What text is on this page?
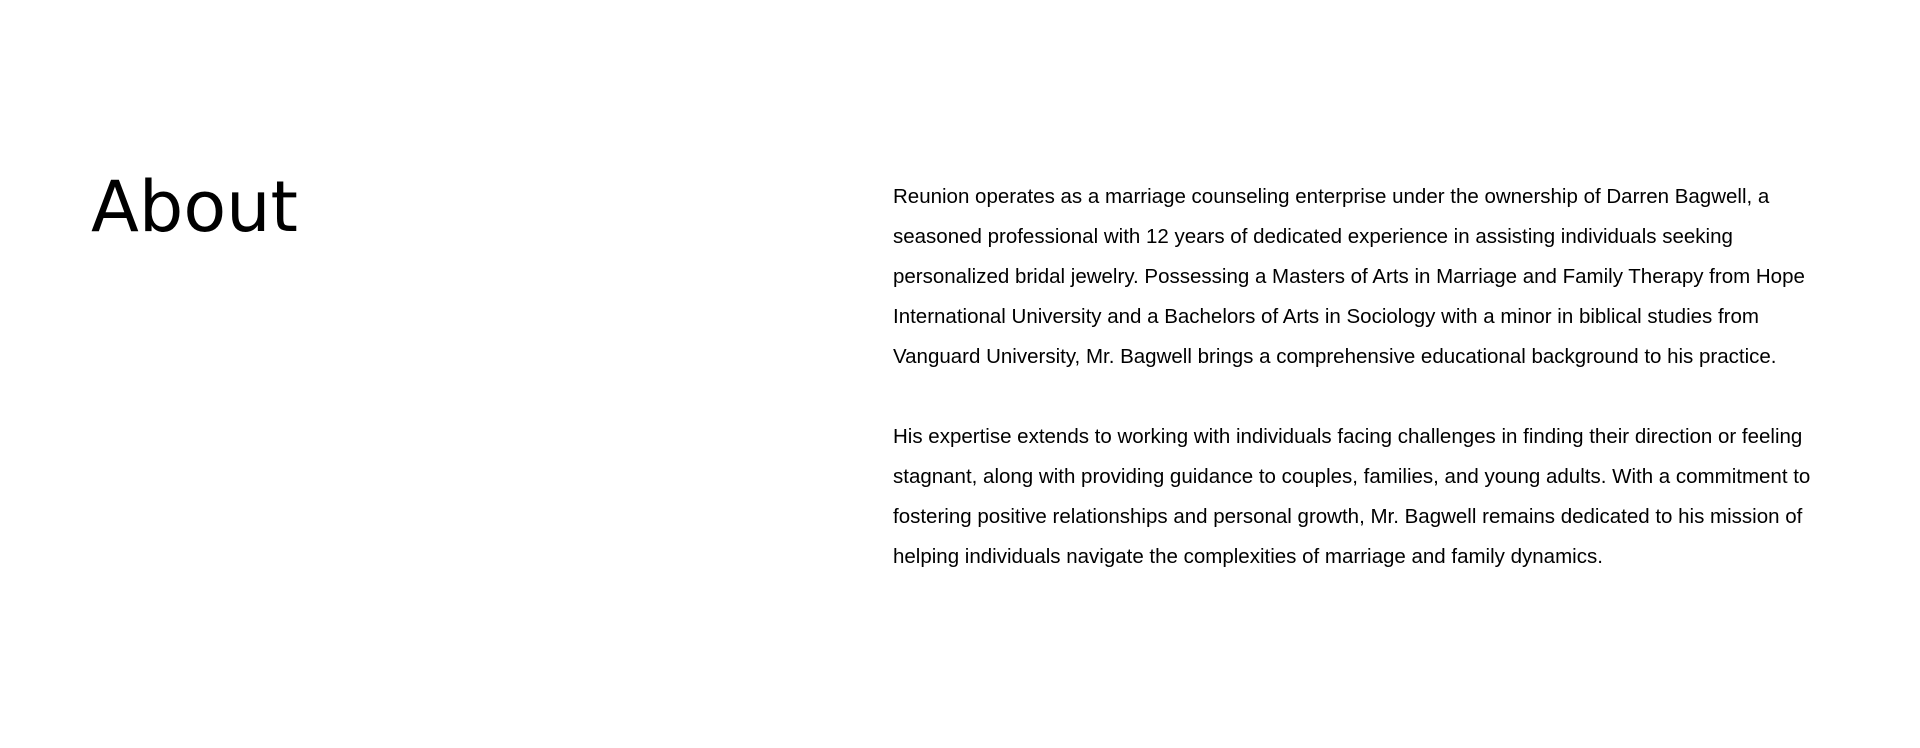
About	Reunion operates as a marriage counseling enterprise under the ownership of Darren Bagwell, a seasoned professional with 12 years of dedicated experience in assisting individuals seeking personalized bridal jewelry. Possessing a Masters of Arts in Marriage and Family Therapy from Hope International University and a Bachelors of Arts in Sociology with a minor in biblical studies from Vanguard University, Mr. Bagwell brings a comprehensive educational background to his practice.

His expertise extends to working with individuals facing challenges in finding their direction or feeling stagnant, along with providing guidance to couples, families, and young adults. With a commitment to fostering positive relationships and personal growth, Mr. Bagwell remains dedicated to his mission of helping individuals navigate the complexities of marriage and family dynamics.
